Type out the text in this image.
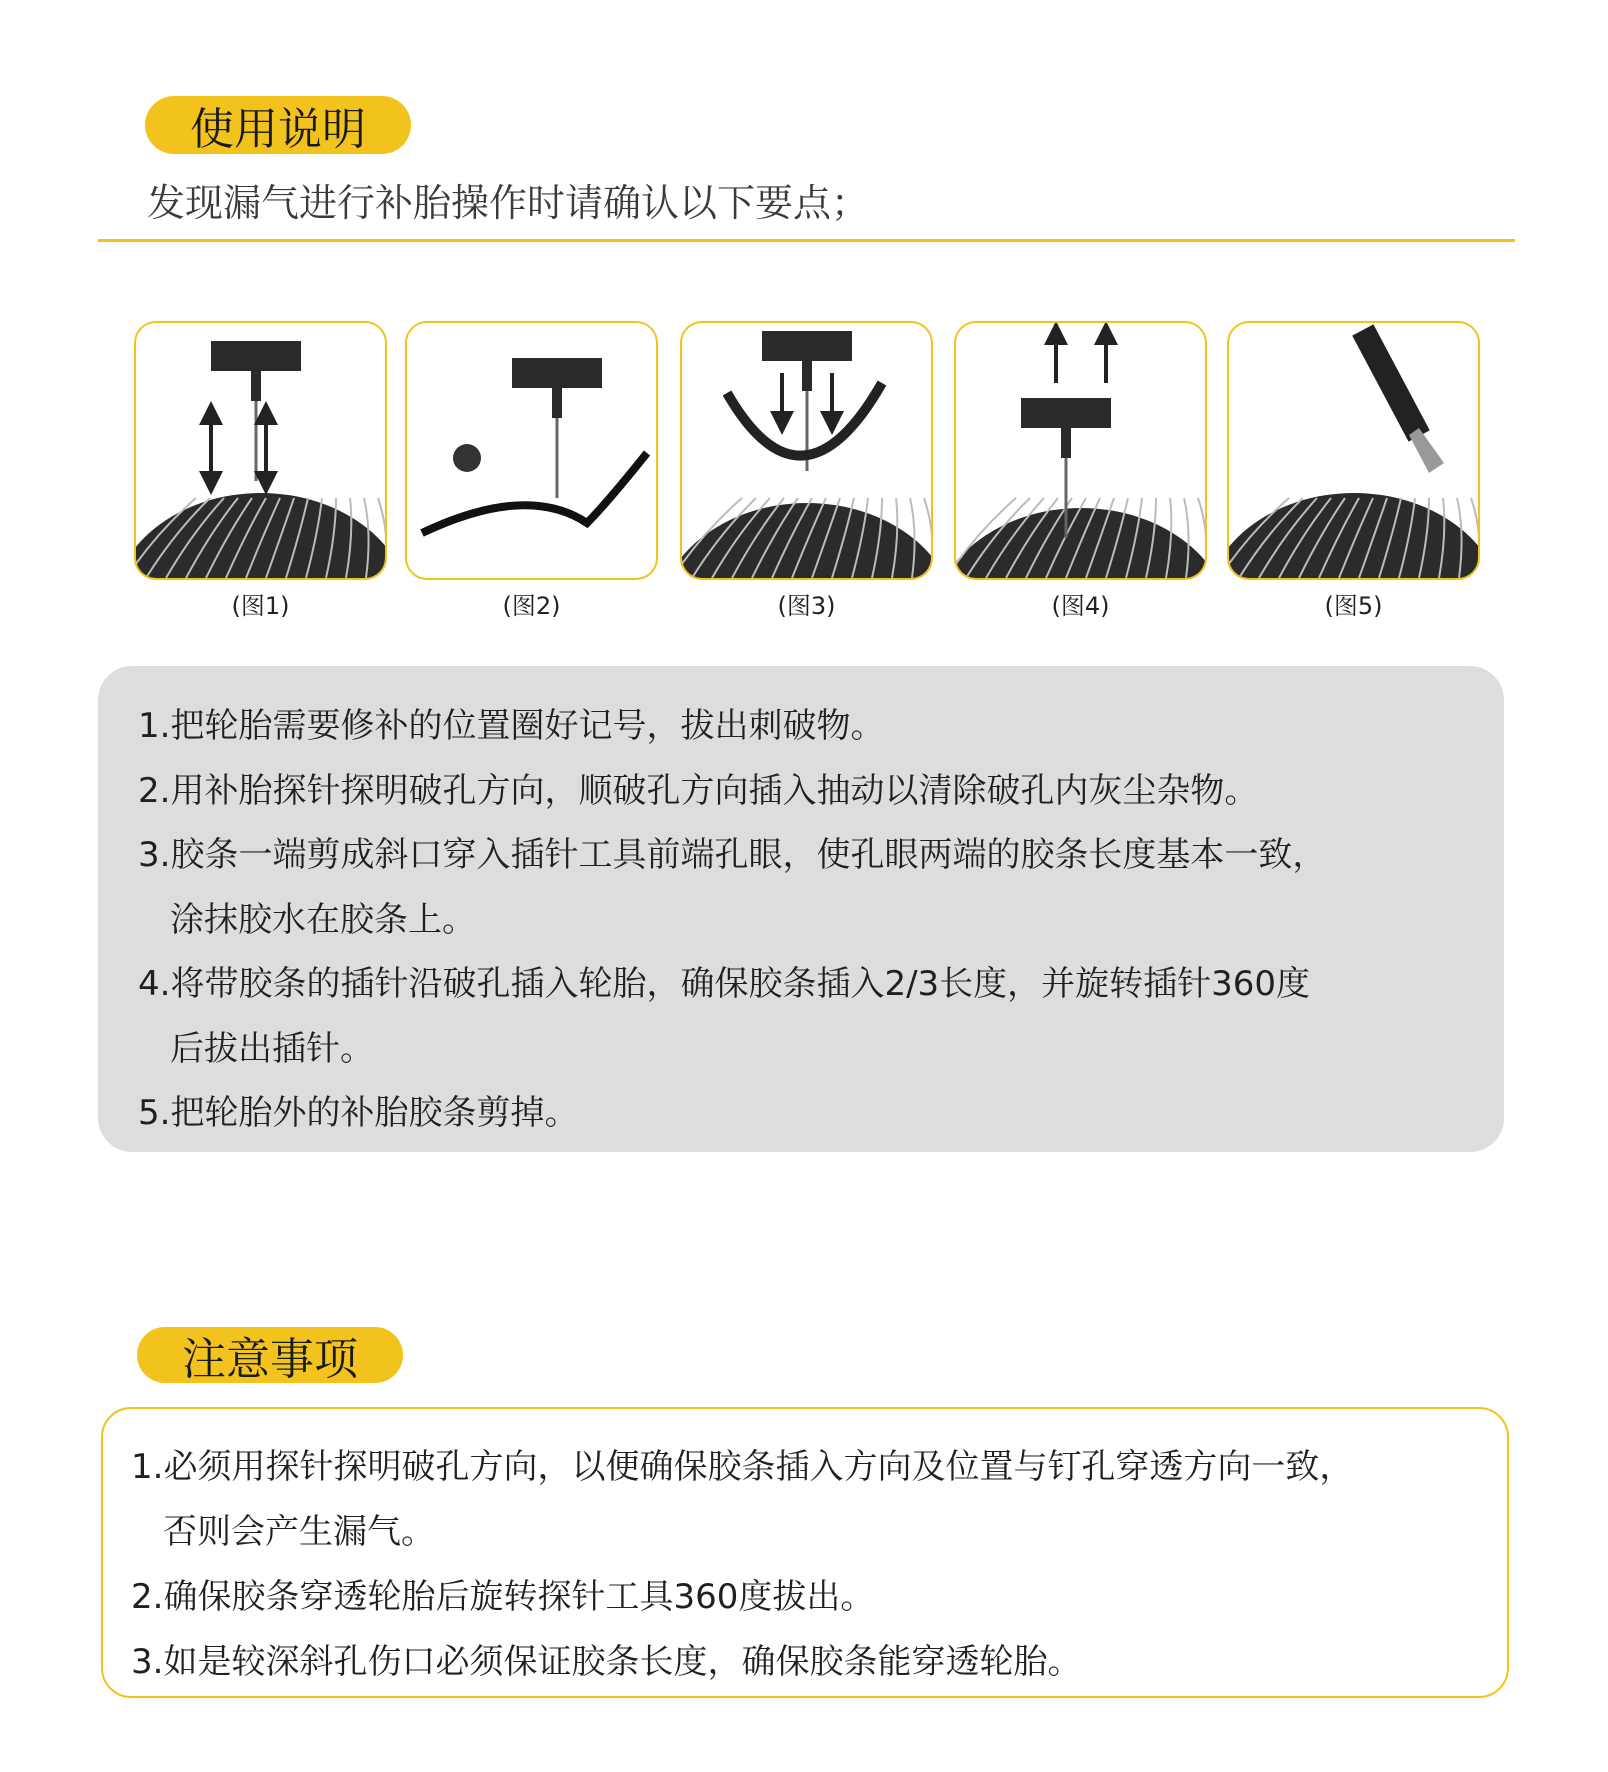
使用说明
发现漏气进行补胎操作时请确认以下要点；
(图1)	(图2)	(图3)	(图4)	(图5)
1.把轮胎需要修补的位置圈好记号，拔出刺破物。
2.用补胎探针探明破孔方向，顺破孔方向插入抽动以清除破孔内灰尘杂物。
3.胶条一端剪成斜口穿入插针工具前端孔眼，使孔眼两端的胶条长度基本一致，
涂抹胶水在胶条上。
4.将带胶条的插针沿破孔插入轮胎，确保胶条插入2/3长度，并旋转插针360度
后拔出插针。
5.把轮胎外的补胎胶条剪掉。
注意事项
1.必须用探针探明破孔方向，以便确保胶条插入方向及位置与钉孔穿透方向一致，
否则会产生漏气。
2.确保胶条穿透轮胎后旋转探针工具360度拔出。
3.如是较深斜孔伤口必须保证胶条长度，确保胶条能穿透轮胎。
